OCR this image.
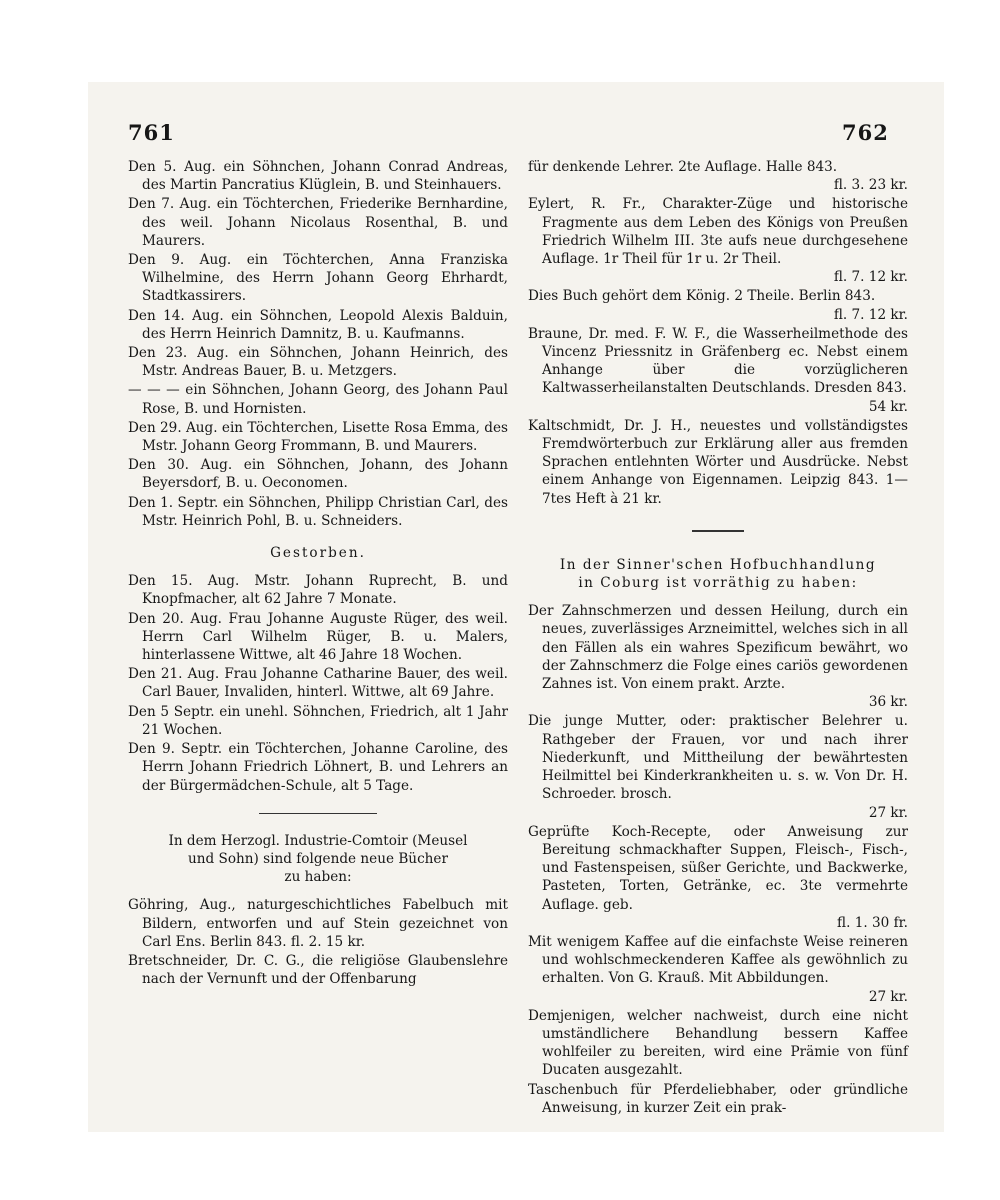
761	762
Den 5. Aug. ein Söhnchen, Johann Conrad Andreas, des Martin Pancratius Klüglein, B. und Steinhauers.
Den 7. Aug. ein Töchterchen, Friederike Bernhardine, des weil. Johann Nicolaus Rosenthal, B. und Maurers.
Den 9. Aug. ein Töchterchen, Anna Franziska Wilhelmine, des Herrn Johann Georg Ehrhardt, Stadtkassirers.
Den 14. Aug. ein Söhnchen, Leopold Alexis Balduin, des Herrn Heinrich Damnitz, B. u. Kaufmanns.
Den 23. Aug. ein Söhnchen, Johann Heinrich, des Mstr. Andreas Bauer, B. u. Metzgers.
— — — ein Söhnchen, Johann Georg, des Johann Paul Rose, B. und Hornisten.
Den 29. Aug. ein Töchterchen, Lisette Rosa Emma, des Mstr. Johann Georg Frommann, B. und Maurers.
Den 30. Aug. ein Söhnchen, Johann, des Johann Beyersdorf, B. u. Oeconomen.
Den 1. Septr. ein Söhnchen, Philipp Christian Carl, des Mstr. Heinrich Pohl, B. u. Schneiders.
Gestorben.
Den 15. Aug. Mstr. Johann Ruprecht, B. und Knopfmacher, alt 62 Jahre 7 Monate.
Den 20. Aug. Frau Johanne Auguste Rüger, des weil. Herrn Carl Wilhelm Rüger, B. u. Malers, hinterlassene Wittwe, alt 46 Jahre 18 Wochen.
Den 21. Aug. Frau Johanne Catharine Bauer, des weil. Carl Bauer, Invaliden, hinterl. Wittwe, alt 69 Jahre.
Den 5 Septr. ein unehl. Söhnchen, Friedrich, alt 1 Jahr 21 Wochen.
Den 9. Septr. ein Töchterchen, Johanne Caroline, des Herrn Johann Friedrich Löhnert, B. und Lehrers an der Bürgermädchen-Schule, alt 5 Tage.
In dem Herzogl. Industrie-Comtoir (Meusel
und Sohn) sind folgende neue Bücher
zu haben:
Göhring, Aug., naturgeschichtliches Fabelbuch mit Bildern, entworfen und auf Stein gezeichnet von Carl Ens. Berlin 843. fl. 2. 15 kr.
Bretschneider, Dr. C. G., die religiöse Glaubenslehre nach der Vernunft und der Offenbarung
für denkende Lehrer. 2te Auflage. Halle 843.
fl. 3. 23 kr.
Eylert, R. Fr., Charakter-Züge und historische Fragmente aus dem Leben des Königs von Preußen Friedrich Wilhelm III. 3te aufs neue durchgesehene Auflage. 1r Theil für 1r u. 2r Theil.
fl. 7. 12 kr.
Dies Buch gehört dem König. 2 Theile. Berlin 843.
fl. 7. 12 kr.
Braune, Dr. med. F. W. F., die Wasserheilmethode des Vincenz Priessnitz in Gräfenberg ec. Nebst einem Anhange über die vorzüglicheren Kaltwasserheilanstalten Deutschlands. Dresden 843.
54 kr.
Kaltschmidt, Dr. J. H., neuestes und vollständigstes Fremdwörterbuch zur Erklärung aller aus fremden Sprachen entlehnten Wörter und Ausdrücke. Nebst einem Anhange von Eigennamen. Leipzig 843. 1—7tes Heft à 21 kr.
In der Sinner'schen Hofbuchhandlung
in Coburg ist vorräthig zu haben:
Der Zahnschmerzen und dessen Heilung, durch ein neues, zuverlässiges Arzneimittel, welches sich in all den Fällen als ein wahres Spezificum bewährt, wo der Zahnschmerz die Folge eines cariös gewordenen Zahnes ist. Von einem prakt. Arzte.
36 kr.
Die junge Mutter, oder: praktischer Belehrer u. Rathgeber der Frauen, vor und nach ihrer Niederkunft, und Mittheilung der bewährtesten Heilmittel bei Kinderkrankheiten u. s. w. Von Dr. H. Schroeder. brosch.
27 kr.
Geprüfte Koch-Recepte, oder Anweisung zur Bereitung schmackhafter Suppen, Fleisch-, Fisch-, und Fastenspeisen, süßer Gerichte, und Backwerke, Pasteten, Torten, Getränke, ec. 3te vermehrte Auflage. geb.
fl. 1. 30 fr.
Mit wenigem Kaffee auf die einfachste Weise reineren und wohlschmeckenderen Kaffee als gewöhnlich zu erhalten. Von G. Krauß. Mit Abbildungen.
27 kr.
Demjenigen, welcher nachweist, durch eine nicht umständlichere Behandlung bessern Kaffee wohlfeiler zu bereiten, wird eine Prämie von fünf Ducaten ausgezahlt.
Taschenbuch für Pferdeliebhaber, oder gründliche Anweisung, in kurzer Zeit ein prak-
